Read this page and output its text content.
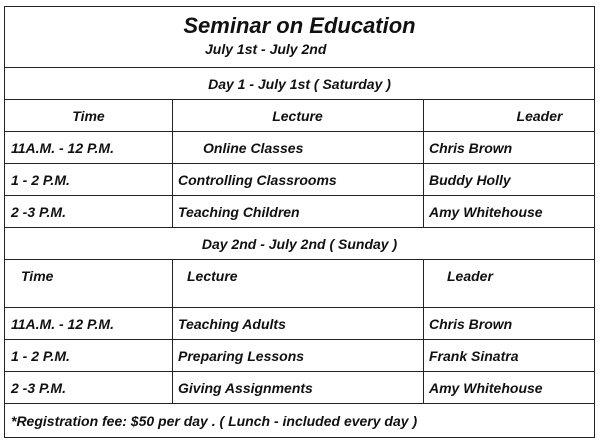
Seminar on Education
July 1st - July 2nd
Day 1 - July 1st ( Saturday )
Time	Lecture	Leader
11A.M. - 12 P.M.	Online Classes	Chris Brown
1 - 2 P.M.	Controlling Classrooms	Buddy Holly
2 -3 P.M.	Teaching Children	Amy Whitehouse
Day 2nd - July 2nd ( Sunday )
Time	Lecture	Leader
11A.M. - 12 P.M.	Teaching Adults	Chris Brown
1 - 2 P.M.	Preparing Lessons	Frank Sinatra
2 -3 P.M.	Giving Assignments	Amy Whitehouse
*Registration fee: $50 per day . ( Lunch - included every day )
